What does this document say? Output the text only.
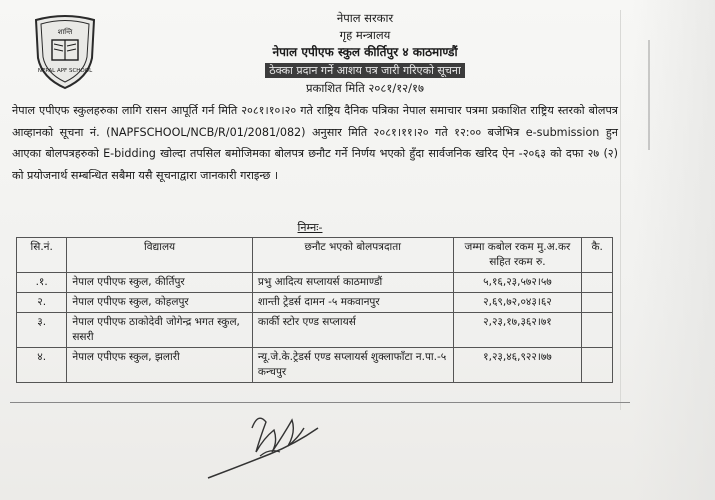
शान्ति
NEPAL APF SCHOOL
नेपाल सरकार
गृह मन्त्रालय
नेपाल एपीएफ स्कुल कीर्तिपुर ४ काठमाण्डौं
ठेक्का प्रदान गर्ने आशय पत्र जारी गरिएको सूचना
प्रकाशित मिति २०८१/१२/१७

नेपाल एपीएफ स्कुलहरुका लागि रासन आपूर्ति गर्न मिति २०८१।१०।२० गते राष्ट्रिय दैनिक पत्रिका नेपाल समाचार पत्रमा प्रकाशित राष्ट्रिय स्तरको बोलपत्र आव्हानको सूचना नं. (NAPFSCHOOL/NCB/R/01/2081/082) अनुसार मिति २०८१।११।२० गते १२:०० बजेभित्र e-submission हुन आएका बोलपत्रहरुको E-bidding खोल्दा तपसिल बमोजिमका बोलपत्र छनौट गर्ने निर्णय भएको हुँदा सार्वजनिक खरिद ऐन -२०६३ को दफा २७ (२) को प्रयोजनार्थ सम्बन्धित सबैमा यसै सूचनाद्वारा जानकारी गराइन्छ ।

निम्नः-
सि.नं.	विद्यालय	छनौट भएको बोलपत्रदाता	जम्मा कबोल रकम मु.अ.कर सहित रकम रु.	कै.
.१.	नेपाल एपीएफ स्कुल, कीर्तिपुर	प्रभु आदित्य सप्लायर्स काठमाण्डौं	५,१६,२३,५७२।५७	
२.	नेपाल एपीएफ स्कुल, कोहलपुर	शान्ती ट्रेडर्स दामन -५ मकवानपुर	२,६९,७२,०४३।६२	
३.	नेपाल एपीएफ ठाकोदेवी जोगेन्द्र भगत स्कुल, ससरी	कार्की स्टोर एण्ड सप्लायर्स	२,२३,१७,३६२।७१	
४.	नेपाल एपीएफ स्कुल, झलारी	न्यू.जे.के.ट्रेडर्स एण्ड सप्लायर्स शुक्लाफाँटा न.पा.-५ कन्चपुर	१,२३,४६,९२२।७७	
